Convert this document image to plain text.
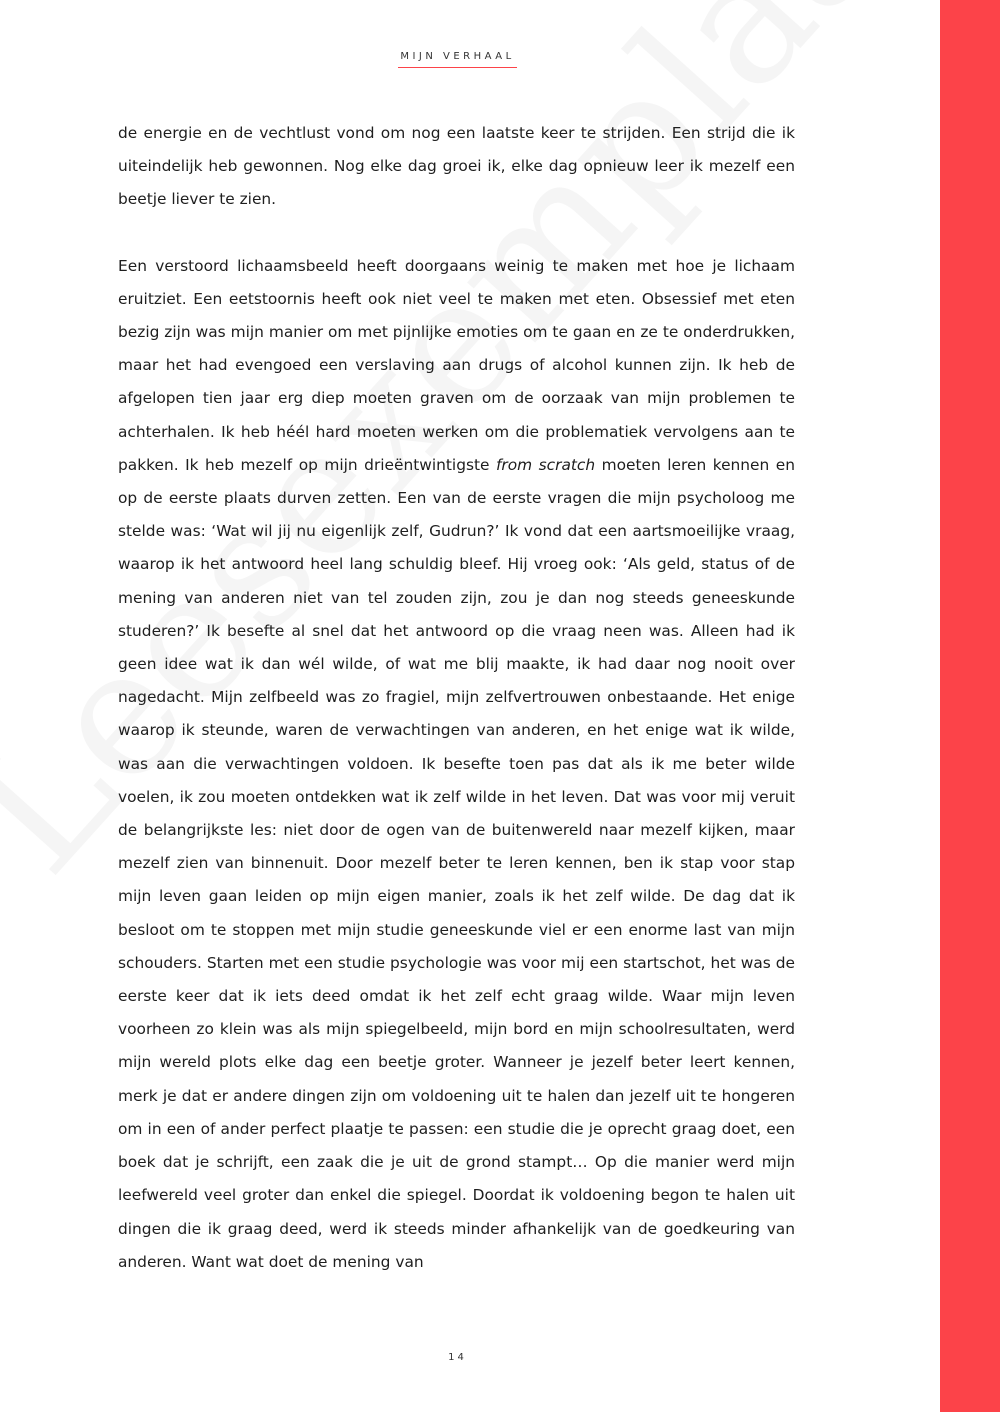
MIJN VERHAAL

de energie en de vechtlust vond om nog een laatste keer te strijden. Een strijd die ik uiteindelijk heb gewonnen. Nog elke dag groei ik, elke dag opnieuw leer ik mezelf een beetje liever te zien.

Een verstoord lichaamsbeeld heeft doorgaans weinig te maken met hoe je lichaam eruitziet. Een eetstoornis heeft ook niet veel te maken met eten. Obsessief met eten bezig zijn was mijn manier om met pijnlijke emoties om te gaan en ze te onderdrukken, maar het had evengoed een verslaving aan drugs of alcohol kunnen zijn. Ik heb de afgelopen tien jaar erg diep moeten graven om de oorzaak van mijn problemen te achterhalen. Ik heb héél hard moeten werken om die problematiek vervolgens aan te pakken. Ik heb mezelf op mijn drieëntwintigste from scratch moeten leren kennen en op de eerste plaats durven zetten. Een van de eerste vragen die mijn psycholoog me stelde was: ‘Wat wil jij nu eigenlijk zelf, Gudrun?’ Ik vond dat een aartsmoeilijke vraag, waarop ik het antwoord heel lang schuldig bleef. Hij vroeg ook: ‘Als geld, status of de mening van anderen niet van tel zouden zijn, zou je dan nog steeds geneeskunde studeren?’ Ik besefte al snel dat het antwoord op die vraag neen was. Alleen had ik geen idee wat ik dan wél wilde, of wat me blij maakte, ik had daar nog nooit over nagedacht. Mijn zelfbeeld was zo fragiel, mijn zelfvertrouwen onbestaande. Het enige waarop ik steunde, waren de verwachtingen van anderen, en het enige wat ik wilde, was aan die verwachtingen voldoen. Ik besefte toen pas dat als ik me beter wilde voelen, ik zou moeten ontdekken wat ik zelf wilde in het leven. Dat was voor mij veruit de belangrijkste les: niet door de ogen van de buitenwereld naar mezelf kijken, maar mezelf zien van binnenuit. Door mezelf beter te leren kennen, ben ik stap voor stap mijn leven gaan leiden op mijn eigen manier, zoals ik het zelf wilde. De dag dat ik besloot om te stoppen met mijn studie geneeskunde viel er een enorme last van mijn schouders. Starten met een studie psychologie was voor mij een startschot, het was de eerste keer dat ik iets deed omdat ik het zelf echt graag wilde. Waar mijn leven voorheen zo klein was als mijn spiegelbeeld, mijn bord en mijn schoolresultaten, werd mijn wereld plots elke dag een beetje groter. Wanneer je jezelf beter leert kennen, merk je dat er andere dingen zijn om voldoening uit te halen dan jezelf uit te hongeren om in een of ander perfect plaatje te passen: een studie die je oprecht graag doet, een boek dat je schrijft, een zaak die je uit de grond stampt… Op die manier werd mijn leefwereld veel groter dan enkel die spiegel. Doordat ik voldoening begon te halen uit dingen die ik graag deed, werd ik steeds minder afhankelijk van de goedkeuring van anderen. Want wat doet de mening van

14
